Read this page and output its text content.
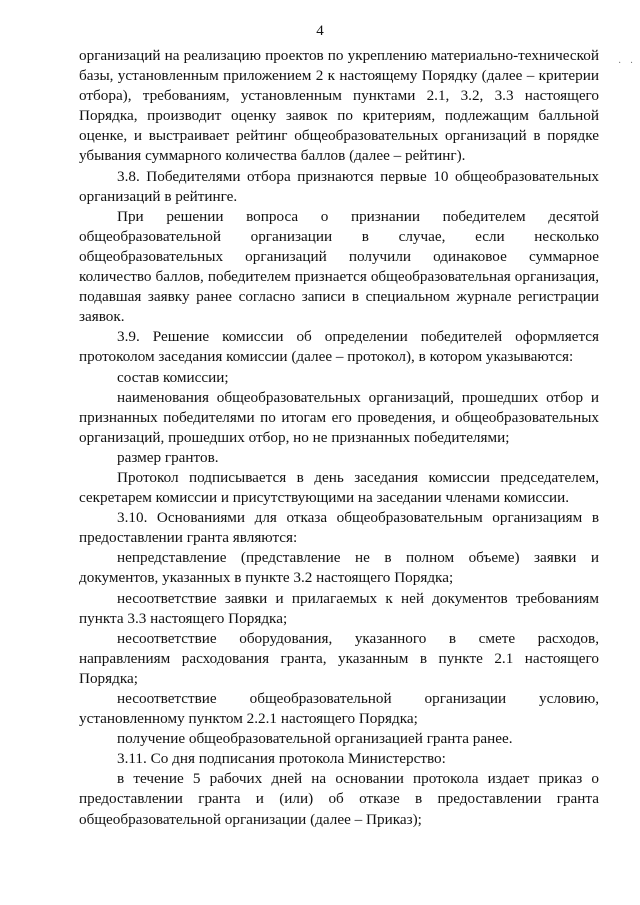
4
· ·

организаций на реализацию проектов по укреплению материально-технической базы, установленным приложением 2 к настоящему Порядку (далее – критерии отбора), требованиям, установленным пунктами 2.1, 3.2, 3.3 настоящего Порядка, производит оценку заявок по критериям, подлежащим балльной оценке, и выстраивает рейтинг общеобразовательных организаций в порядке убывания суммарного количества баллов (далее – рейтинг).

3.8. Победителями отбора признаются первые 10 общеобразовательных организаций в рейтинге.

При решении вопроса о признании победителем десятой общеобразовательной организации в случае, если несколько общеобразовательных организаций получили одинаковое суммарное количество баллов, победителем признается общеобразовательная организация, подавшая заявку ранее согласно записи в специальном журнале регистрации заявок.

3.9. Решение комиссии об определении победителей оформляется протоколом заседания комиссии (далее – протокол), в котором указываются:

состав комиссии;

наименования общеобразовательных организаций, прошедших отбор и признанных победителями по итогам его проведения, и общеобразовательных организаций, прошедших отбор, но не признанных победителями;

размер грантов.

Протокол подписывается в день заседания комиссии председателем, секретарем комиссии и присутствующими на заседании членами комиссии.

3.10. Основаниями для отказа общеобразовательным организациям в предоставлении гранта являются:

непредставление (представление не в полном объеме) заявки и документов, указанных в пункте 3.2 настоящего Порядка;

несоответствие заявки и прилагаемых к ней документов требованиям пункта 3.3 настоящего Порядка;

несоответствие оборудования, указанного в смете расходов, направлениям расходования гранта, указанным в пункте 2.1 настоящего Порядка;

несоответствие общеобразовательной организации условию, установленному пунктом 2.2.1 настоящего Порядка;

получение общеобразовательной организацией гранта ранее.

3.11. Со дня подписания протокола Министерство:

в течение 5 рабочих дней на основании протокола издает приказ о предоставлении гранта и (или) об отказе в предоставлении гранта общеобразовательной организации (далее – Приказ);
